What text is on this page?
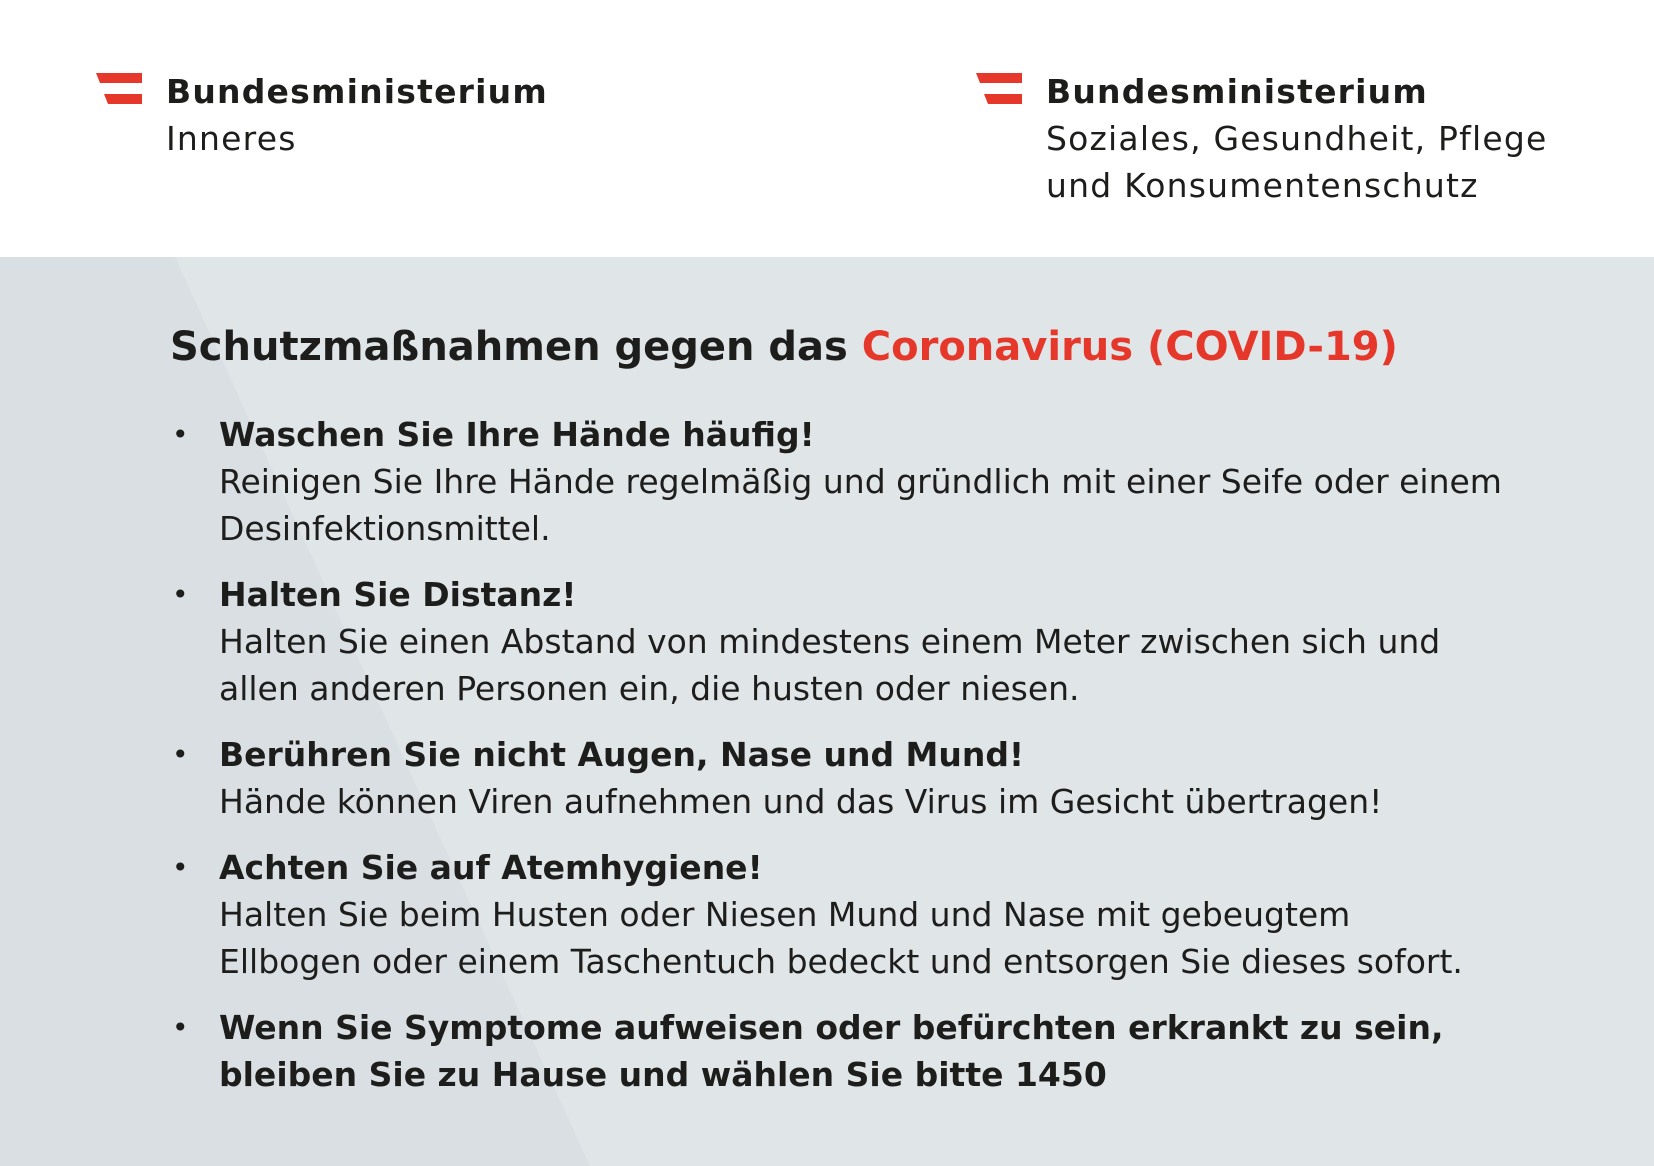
Bundesministerium
Inneres
Bundesministerium
Soziales, Gesundheit, Pflege
und Konsumentenschutz
Schutzmaßnahmen gegen das Coronavirus (COVID-19)
• Waschen Sie Ihre Hände häufig!
Reinigen Sie Ihre Hände regelmäßig und gründlich mit einer Seife oder einem
Desinfektionsmittel.
• Halten Sie Distanz!
Halten Sie einen Abstand von mindestens einem Meter zwischen sich und
allen anderen Personen ein, die husten oder niesen.
• Berühren Sie nicht Augen, Nase und Mund!
Hände können Viren aufnehmen und das Virus im Gesicht übertragen!
• Achten Sie auf Atemhygiene!
Halten Sie beim Husten oder Niesen Mund und Nase mit gebeugtem
Ellbogen oder einem Taschentuch bedeckt und entsorgen Sie dieses sofort.
• Wenn Sie Symptome aufweisen oder befürchten erkrankt zu sein,
bleiben Sie zu Hause und wählen Sie bitte 1450
